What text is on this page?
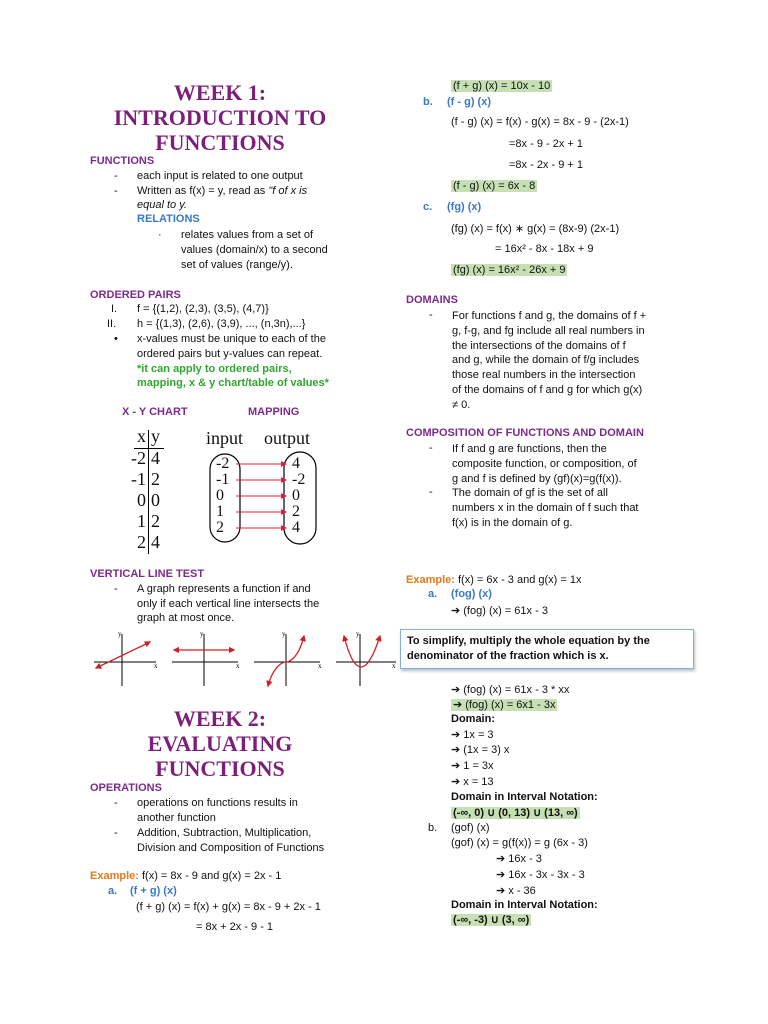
WEEK 1:
INTRODUCTION TO
FUNCTIONS
FUNCTIONS
- each input is related to one output
- Written as f(x) = y, read as "f of x is
equal to y.
RELATIONS
· relates values from a set of
values (domain/x) to a second
set of values (range/y).
ORDERED PAIRS
I. f = {(1,2), (2,3), (3,5), (4,7)}
II. h = {(1,3), (2,6), (3,9), ..., (n,3n),...}
• x-values must be unique to each of the
ordered pairs but y-values can repeat.
*it can apply to ordered pairs,
mapping, x & y chart/table of values*
X - Y CHART	MAPPING
x y
-2
-1
0
1
2
4
2
0
2
4
input output
-2
-1
0
1
2
4
-2
0
2
4
VERTICAL LINE TEST
- A graph represents a function if and
only if each vertical line intersects the
graph at most once.
y
x
y
x
y
x
y
x
WEEK 2:
EVALUATING
FUNCTIONS
OPERATIONS
- operations on functions results in
another function
- Addition, Subtraction, Multiplication,
Division and Composition of Functions
Example: f(x) = 8x - 9 and g(x) = 2x - 1
a. (f + g) (x)
(f + g) (x) = f(x) + g(x) = 8x - 9 + 2x - 1
= 8x + 2x - 9 - 1
(f + g) (x) = 10x - 10
b. (f - g) (x)
(f - g) (x) = f(x) - g(x) = 8x - 9 - (2x-1)
=8x - 9 - 2x + 1
=8x - 2x - 9 + 1
(f - g) (x) = 6x - 8
c. (fg) (x)
(fg) (x) = f(x) ∗ g(x) = (8x-9) (2x-1)
= 16x² - 8x - 18x + 9
(fg) (x) = 16x² - 26x + 9
DOMAINS
- For functions f and g, the domains of f +
g, f-g, and fg include all real numbers in
the intersections of the domains of f
and g, while the domain of f/g includes
those real numbers in the intersection
of the domains of f and g for which g(x)
≠ 0.
COMPOSITION OF FUNCTIONS AND DOMAIN
- If f and g are functions, then the
composite function, or composition, of
g and f is defined by (gf)(x)=g(f(x)).
- The domain of gf is the set of all
numbers x in the domain of f such that
f(x) is in the domain of g.
Example: f(x) = 6x - 3 and g(x) = 1x
a. (fog) (x)
➔ (fog) (x) = 61x - 3
To simplify, multiply the whole equation by the
denominator of the fraction which is x.
➔ (fog) (x) = 61x - 3 * xx
➔ (fog) (x) = 6x1 - 3x
Domain:
➔ 1x = 3
➔ (1x = 3) x
➔ 1 = 3x
➔ x = 13
Domain in Interval Notation:
(-∞, 0) ∪ (0, 13) ∪ (13, ∞)
b. (gof) (x)
(gof) (x) = g(f(x)) = g (6x - 3)
➔ 16x - 3
➔ 16x - 3x - 3x - 3
➔ x - 36
Domain in Interval Notation:
(-∞, -3) ∪ (3, ∞)
